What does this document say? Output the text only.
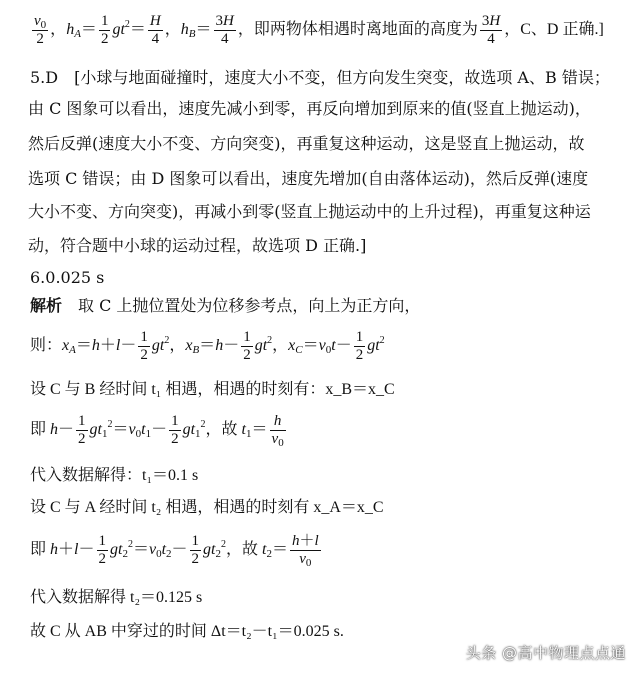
$\frac{v_0}{2}$ ，$h_A= \frac{1}{2} gt^2= \frac{H}{4}$ ，$h_B= \frac{3H}{4}$ ，即两物体相遇时离地面的高度为 $\frac{3H}{4}$ ，C、D 正确.]
5.D　[小球与地面碰撞时，速度大小不变，但方向发生突变，故选项 A、B 错误；
由 C 图象可以看出，速度先减小到零，再反向增加到原来的值(竖直上抛运动)，
然后反弹(速度大小不变、方向突变)，再重复这种运动，这是竖直上抛运动，故
选项 C 错误；由 D 图象可以看出，速度先增加(自由落体运动)，然后反弹(速度
大小不变、方向突变)，再减小到零(竖直上抛运动中的上升过程)，再重复这种运
动，符合题中小球的运动过程，故选项 D 正确.]
6.0.025 s
解析　取 C 上抛位置处为位移参考点，向上为正方向，
则：$x_A=h+l- \frac{1}{2} gt^2$，$x_B=h- \frac{1}{2} gt^2$，$x_C=v_0t- \frac{1}{2} gt^2$
设 C 与 B 经时间 t₁ 相遇，相遇的时刻有：x_B＝x_C
即 $h- \frac{1}{2} gt_1^2=v_0t_1- \frac{1}{2} gt_1^2$，故 $t_1= \frac{h}{v_0}$
代入数据解得：t₁＝0.1 s
设 C 与 A 经时间 t₂ 相遇，相遇的时刻有 x_A＝x_C
即 $h+l- \frac{1}{2} gt_2^2=v_0t_2- \frac{1}{2} gt_2^2$，故 $t_2= \frac{h+l}{v_0}$
代入数据解得 t₂＝0.125 s
故 C 从 AB 中穿过的时间 Δt＝t₂－t₁＝0.025 s.
头条 @高中物理点点通
